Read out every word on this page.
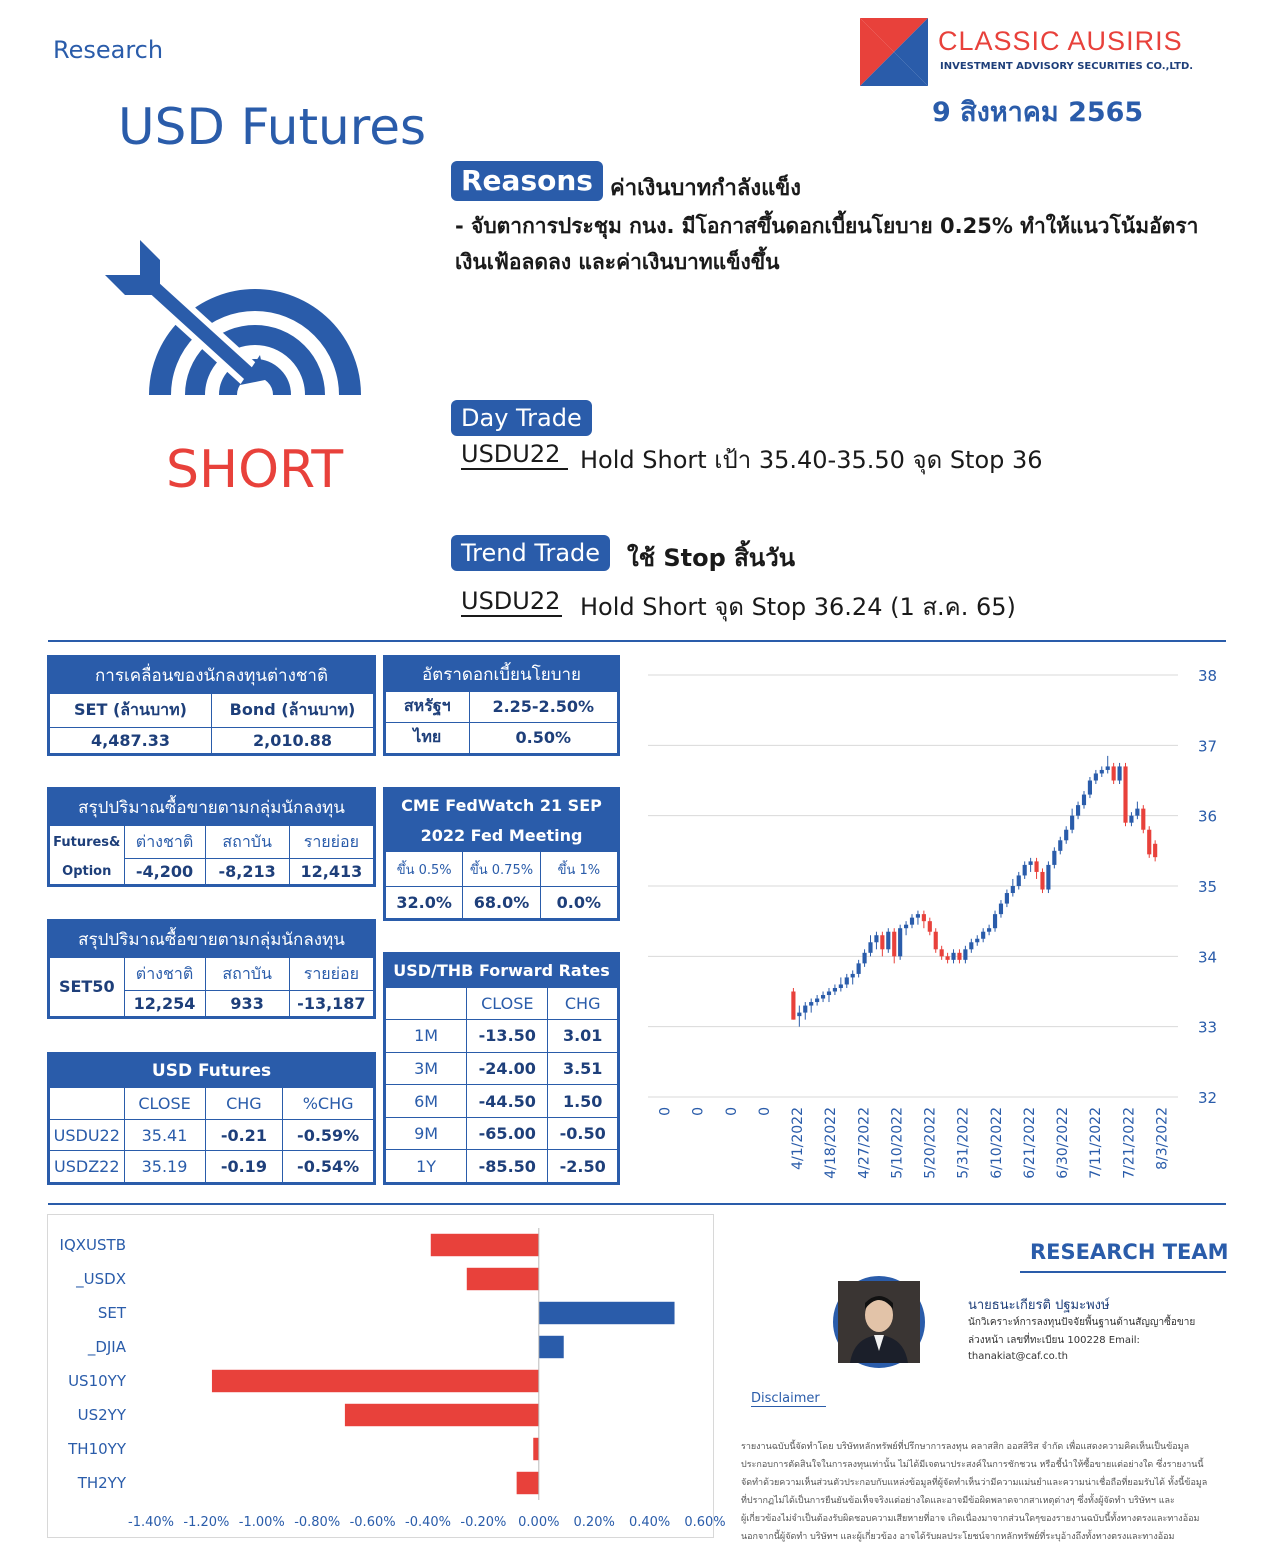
Research
USD Futures
CLASSIC AUSIRIS
INVESTMENT ADVISORY SECURITIES CO.,LTD.
9 สิงหาคม 2565
SHORT
Reasons ค่าเงินบาทกำลังแข็ง
- จับตาการประชุม กนง. มีโอกาสขึ้นดอกเบี้ยนโยบาย 0.25% ทำให้แนวโน้มอัตราเงินเฟ้อลดลง และค่าเงินบาทแข็งขึ้น
Day Trade
USDU22 Hold Short เป้า 35.40-35.50 จุด Stop 36
Trend Trade	ใช้ Stop สิ้นวัน
USDU22 Hold Short จุด Stop 36.24 (1 ส.ค. 65)
การเคลื่อนของนักลงทุนต่างชาติ	
SET (ล้านบาท)	Bond (ล้านบาท)
4,487.33	2,010.88
อัตราดอกเบี้ยนโยบาย	
สหรัฐฯ	2.25-2.50%
ไทย	0.50%
สรุปปริมาณซื้อขายตามกลุ่มนักลงทุน			
Futures&	ต่างชาติ	สถาบัน	รายย่อย
Option	-4,200	-8,213	12,413
CME FedWatch 21 SEP		
2022 Fed Meeting		
ขึ้น 0.5%	ขึ้น 0.75%	ขึ้น 1%
32.0%	68.0%	0.0%
สรุปปริมาณซื้อขายตามกลุ่มนักลงทุน			
SET50	ต่างชาติ	สถาบัน	รายย่อย
	12,254	933	-13,187
USD/THB Forward Rates		
	CLOSE	CHG
1M	-13.50	3.01
3M	-24.00	3.51
6M	-44.50	1.50
9M	-65.00	-0.50
1Y	-85.50	-2.50
USD Futures			
	CLOSE	CHG	%CHG
USDU22	35.41	-0.21	-0.59%
USDZ22	35.19	-0.19	-0.54%
38
37
36
35
34
33
32
0 0 0 0 4/1/2022 4/18/2022 4/27/2022 5/10/2022 5/20/2022 5/31/2022 6/10/2022 6/21/2022 6/30/2022 7/11/2022 7/21/2022 8/3/2022
IQXUSTB
_USDX
SET
_DJIA
US10YY
US2YY
TH10YY
TH2YY
-1.40% -1.20% -1.00% -0.80% -0.60% -0.40% -0.20% 0.00% 0.20% 0.40% 0.60%
RESEARCH TEAM
นายธนะเกียรติ ปฐมะพงษ์
นักวิเคราะห์การลงทุนปัจจัยพื้นฐานด้านสัญญาซื้อขาย
ล่วงหน้า เลขที่ทะเบียน 100228 Email:
thanakiat@caf.co.th
Disclaimer
รายงานฉบับนี้จัดทำโดย บริษัทหลักทรัพย์ที่ปรึกษาการลงทุน คลาสสิก ออสสิริส จำกัด เพื่อแสดงความคิดเห็นเป็นข้อมูล
ประกอบการตัดสินใจในการลงทุนเท่านั้น ไม่ได้มีเจตนาประสงค์ในการชักชวน หรือชี้นำให้ซื้อขายแต่อย่างใด ซึ่งรายงานนี้
จัดทำด้วยความเห็นส่วนตัวประกอบกับแหล่งข้อมูลที่ผู้จัดทำเห็นว่ามีความแม่นยำและความน่าเชื่อถือที่ยอมรับได้ ทั้งนี้ข้อมูล
ที่ปรากฏไม่ได้เป็นการยืนยันข้อเท็จจริงแต่อย่างใดและอาจมีข้อผิดพลาดจากสาเหตุต่างๆ ซึ่งทั้งผู้จัดทำ บริษัทฯ และ
ผู้เกี่ยวข้องไม่จำเป็นต้องรับผิดชอบความเสียหายที่อาจ เกิดเนื่องมาจากส่วนใดๆของรายงานฉบับนี้ทั้งทางตรงและทางอ้อม
นอกจากนี้ผู้จัดทำ บริษัทฯ และผู้เกี่ยวข้อง อาจได้รับผลประโยชน์จากหลักทรัพย์ที่ระบุอ้างถึงทั้งทางตรงและทางอ้อม
